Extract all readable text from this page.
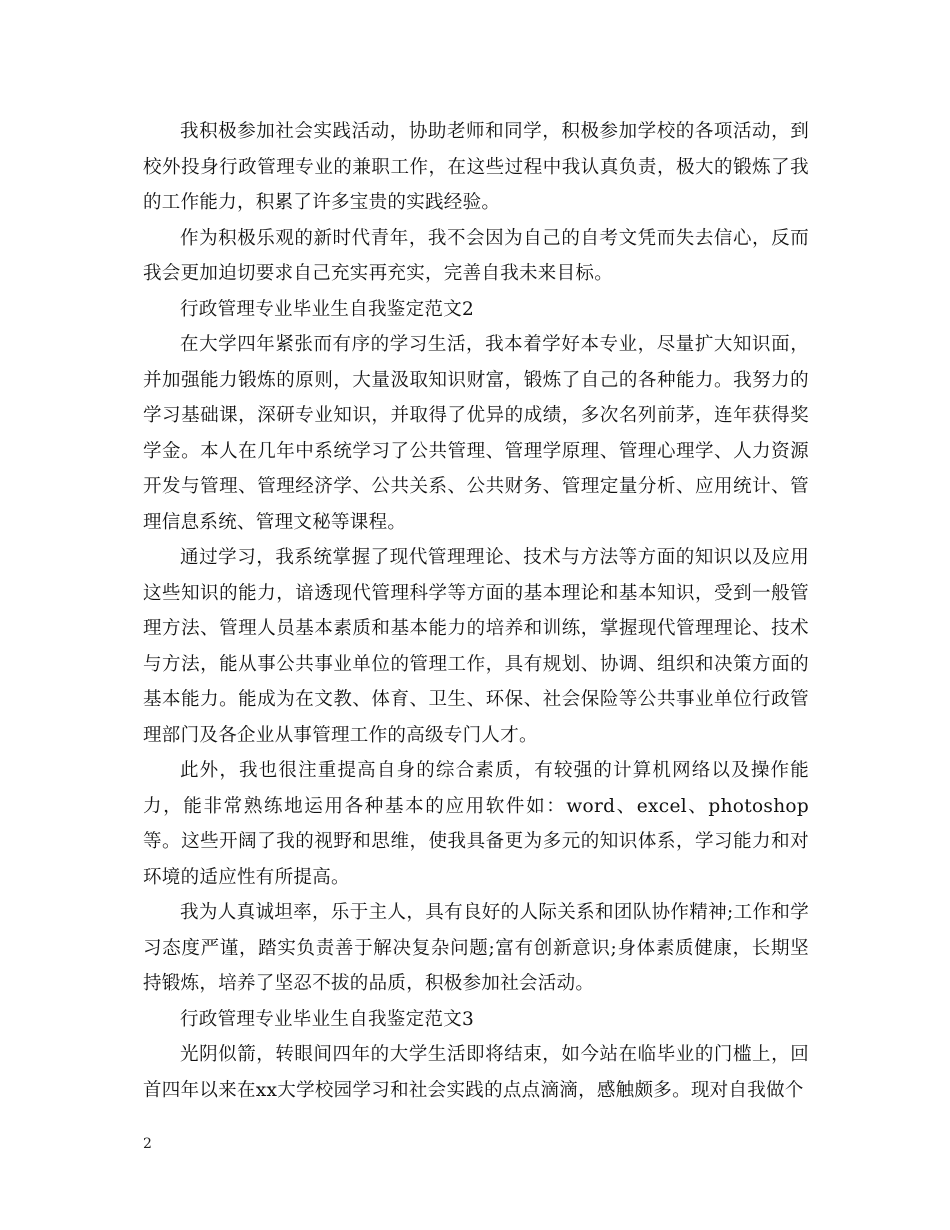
我积极参加社会实践活动，协助老师和同学，积极参加学校的各项活动，到校外投身行政管理专业的兼职工作，在这些过程中我认真负责，极大的锻炼了我的工作能力，积累了许多宝贵的实践经验。

作为积极乐观的新时代青年，我不会因为自己的自考文凭而失去信心，反而我会更加迫切要求自己充实再充实，完善自我未来目标。

行政管理专业毕业生自我鉴定范文2

在大学四年紧张而有序的学习生活，我本着学好本专业，尽量扩大知识面，并加强能力锻炼的原则，大量汲取知识财富，锻炼了自己的各种能力。我努力的学习基础课，深研专业知识，并取得了优异的成绩，多次名列前茅，连年获得奖学金。本人在几年中系统学习了公共管理、管理学原理、管理心理学、人力资源开发与管理、管理经济学、公共关系、公共财务、管理定量分析、应用统计、管理信息系统、管理文秘等课程。

通过学习，我系统掌握了现代管理理论、技术与方法等方面的知识以及应用这些知识的能力，谙透现代管理科学等方面的基本理论和基本知识，受到一般管理方法、管理人员基本素质和基本能力的培养和训练，掌握现代管理理论、技术与方法，能从事公共事业单位的管理工作，具有规划、协调、组织和决策方面的基本能力。能成为在文教、体育、卫生、环保、社会保险等公共事业单位行政管理部门及各企业从事管理工作的高级专门人才。

此外，我也很注重提高自身的综合素质，有较强的计算机网络以及操作能力，能非常熟练地运用各种基本的应用软件如：word、excel、photoshop等。这些开阔了我的视野和思维，使我具备更为多元的知识体系，学习能力和对环境的适应性有所提高。

我为人真诚坦率，乐于主人，具有良好的人际关系和团队协作精神;工作和学习态度严谨，踏实负责善于解决复杂问题;富有创新意识;身体素质健康，长期坚持锻炼，培养了坚忍不拔的品质，积极参加社会活动。

行政管理专业毕业生自我鉴定范文3

光阴似箭，转眼间四年的大学生活即将结束，如今站在临毕业的门槛上，回首四年以来在xx大学校园学习和社会实践的点点滴滴，感触颇多。现对自我做个

2
